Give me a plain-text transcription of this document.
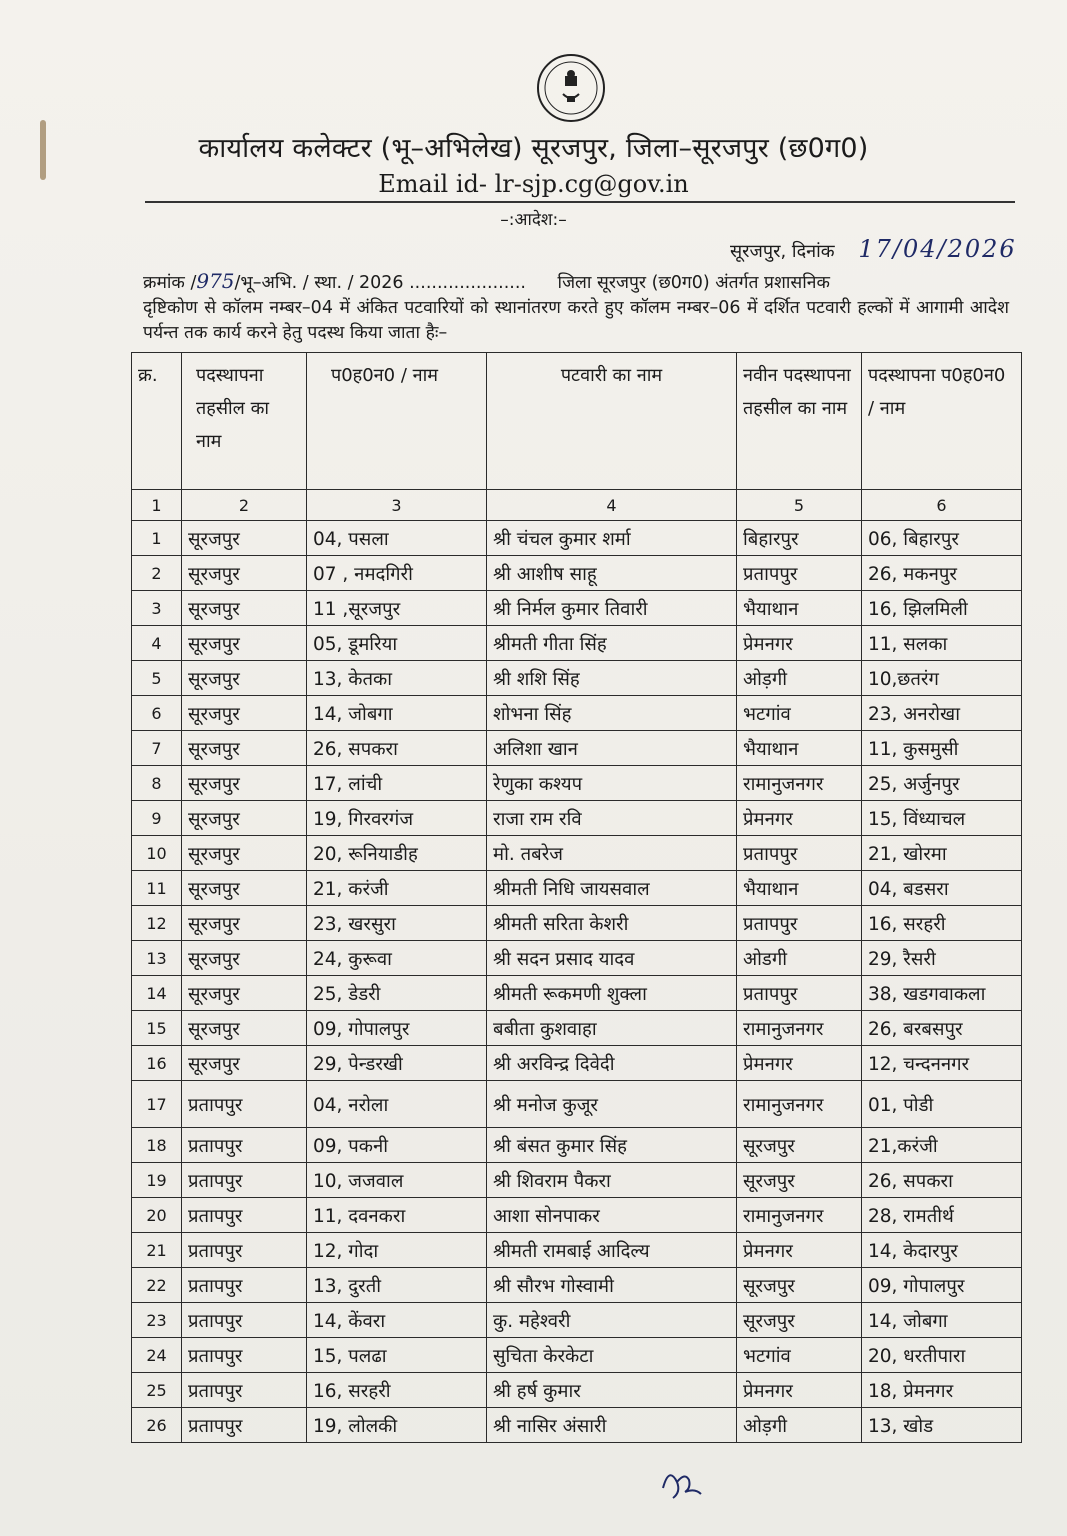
कार्यालय कलेक्टर (भू–अभिलेख) सूरजपुर, जिला–सूरजपुर (छ0ग0)
Email id- lr-sjp.cg@gov.in
–:आदेश:–
सूरजपुर, दिनांक 17/04/2026
क्रमांक /975/भू–अभि. / स्था. / 2026 ..................... जिला सूरजपुर (छ0ग0) अंतर्गत प्रशासनिक
दृष्टिकोण से कॉलम नम्बर–04 में अंकित पटवारियों को स्थानांतरण करते हुए कॉलम नम्बर–06 में दर्शित पटवारी हल्कों में आगामी आदेश पर्यन्त तक कार्य करने हेतु पदस्थ किया जाता हैः–
क्र.	पदस्थापना तहसील का नाम	प0ह0न0 / नाम	पटवारी का नाम	नवीन पदस्थापना तहसील का नाम	पदस्थापना प0ह0न0 / नाम
1	2	3	4	5	6
1	सूरजपुर	04, पसला	श्री चंचल कुमार शर्मा	बिहारपुर	06, बिहारपुर
2	सूरजपुर	07 , नमदगिरी	श्री आशीष साहू	प्रतापपुर	26, मकनपुर
3	सूरजपुर	11 ,सूरजपुर	श्री निर्मल कुमार तिवारी	भैयाथान	16, झिलमिली
4	सूरजपुर	05, डूमरिया	श्रीमती गीता सिंह	प्रेमनगर	11, सलका
5	सूरजपुर	13, केतका	श्री शशि सिंह	ओड़गी	10,छतरंग
6	सूरजपुर	14, जोबगा	शोभना सिंह	भटगांव	23, अनरोखा
7	सूरजपुर	26, सपकरा	अलिशा खान	भैयाथान	11, कुसमुसी
8	सूरजपुर	17, लांची	रेणुका कश्यप	रामानुजनगर	25, अर्जुनपुर
9	सूरजपुर	19, गिरवरगंज	राजा राम रवि	प्रेमनगर	15, विंध्याचल
10	सूरजपुर	20, रूनियाडीह	मो. तबरेज	प्रतापपुर	21, खोरमा
11	सूरजपुर	21, करंजी	श्रीमती निधि जायसवाल	भैयाथान	04, बडसरा
12	सूरजपुर	23, खरसुरा	श्रीमती सरिता केशरी	प्रतापपुर	16, सरहरी
13	सूरजपुर	24, कुरूवा	श्री सदन प्रसाद यादव	ओडगी	29, रैसरी
14	सूरजपुर	25, डेडरी	श्रीमती रूकमणी शुक्ला	प्रतापपुर	38, खडगवाकला
15	सूरजपुर	09, गोपालपुर	बबीता कुशवाहा	रामानुजनगर	26, बरबसपुर
16	सूरजपुर	29, पेन्डरखी	श्री अरविन्द्र दिवेदी	प्रेमनगर	12, चन्दननगर
17	प्रतापपुर	04, नरोला	श्री मनोज कुजूर	रामानुजनगर	01, पोडी
18	प्रतापपुर	09, पकनी	श्री बंसत कुमार सिंह	सूरजपुर	21,करंजी
19	प्रतापपुर	10, जजवाल	श्री शिवराम पैकरा	सूरजपुर	26, सपकरा
20	प्रतापपुर	11, दवनकरा	आशा सोनपाकर	रामानुजनगर	28, रामतीर्थ
21	प्रतापपुर	12, गोदा	श्रीमती रामबाई आदिल्य	प्रेमनगर	14, केदारपुर
22	प्रतापपुर	13, दुरती	श्री सौरभ गोस्वामी	सूरजपुर	09, गोपालपुर
23	प्रतापपुर	14, केंवरा	कु. महेश्वरी	सूरजपुर	14, जोबगा
24	प्रतापपुर	15, पलढा	सुचिता केरकेटा	भटगांव	20, धरतीपारा
25	प्रतापपुर	16, सरहरी	श्री हर्ष कुमार	प्रेमनगर	18, प्रेमनगर
26	प्रतापपुर	19, लोलकी	श्री नासिर अंसारी	ओड़गी	13, खोड
